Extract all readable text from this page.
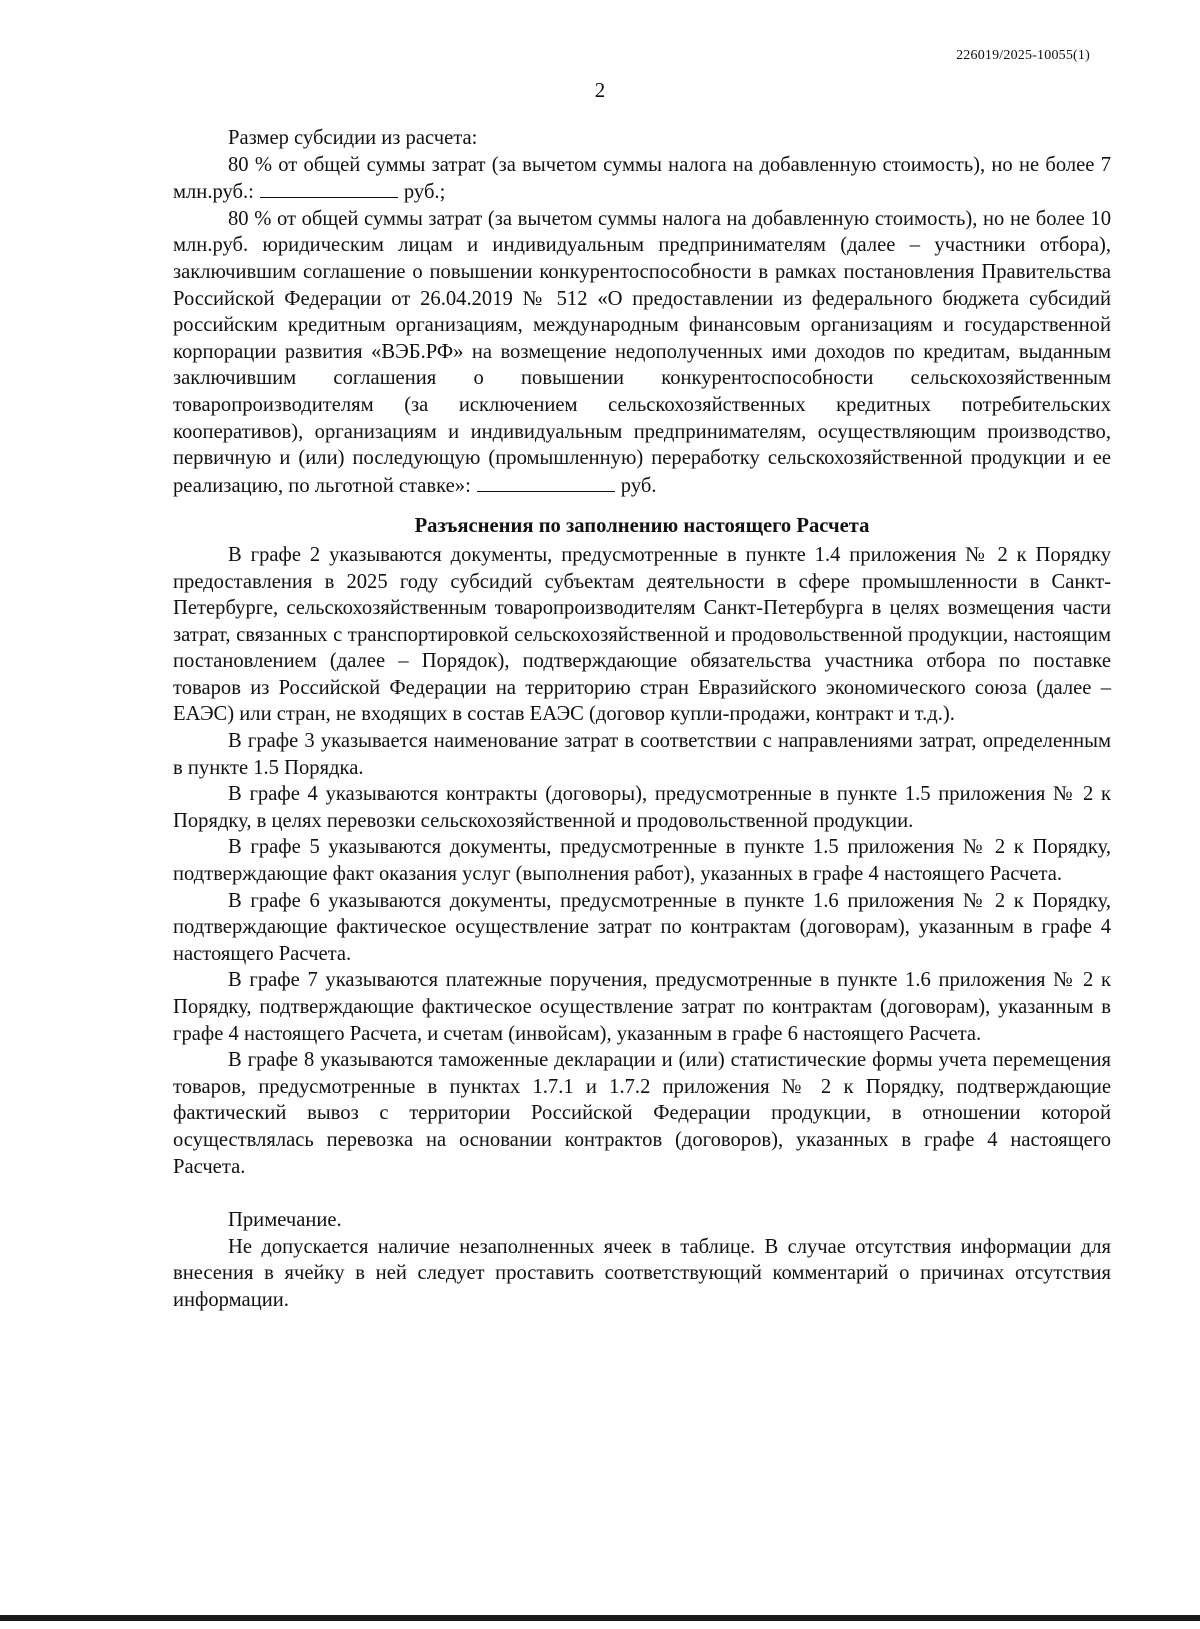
226019/2025-10055(1)
2

Размер субсидии из расчета:

80 % от общей суммы затрат (за вычетом суммы налога на добавленную стоимость), но не более 7 млн.руб.:	руб.;

80 % от общей суммы затрат (за вычетом суммы налога на добавленную стоимость), но не более 10 млн.руб. юридическим лицам и индивидуальным предпринимателям (далее – участники отбора), заключившим соглашение о повышении конкурентоспособности в рамках постановления Правительства Российской Федерации от 26.04.2019 № 512 «О предоставлении из федерального бюджета субсидий российским кредитным организациям, международным финансовым организациям и государственной корпорации развития «ВЭБ.РФ» на возмещение недополученных ими доходов по кредитам, выданным заключившим соглашения о повышении конкурентоспособности сельскохозяйственным товаропроизводителям (за исключением сельскохозяйственных кредитных потребительских кооперативов), организациям и индивидуальным предпринимателям, осуществляющим производство, первичную и (или) последующую (промышленную) переработку сельскохозяйственной продукции и ее реализацию, по льготной ставке»:	руб.

Разъяснения по заполнению настоящего Расчета

В графе 2 указываются документы, предусмотренные в пункте 1.4 приложения № 2 к Порядку предоставления в 2025 году субсидий субъектам деятельности в сфере промышленности в Санкт-Петербурге, сельскохозяйственным товаропроизводителям Санкт-Петербурга в целях возмещения части затрат, связанных с транспортировкой сельскохозяйственной и продовольственной продукции, настоящим постановлением (далее – Порядок), подтверждающие обязательства участника отбора по поставке товаров из Российской Федерации на территорию стран Евразийского экономического союза (далее – ЕАЭС) или стран, не входящих в состав ЕАЭС (договор купли-продажи, контракт и т.д.).

В графе 3 указывается наименование затрат в соответствии с направлениями затрат, определенным в пункте 1.5 Порядка.

В графе 4 указываются контракты (договоры), предусмотренные в пункте 1.5 приложения № 2 к Порядку, в целях перевозки сельскохозяйственной и продовольственной продукции.

В графе 5 указываются документы, предусмотренные в пункте 1.5 приложения № 2 к Порядку, подтверждающие факт оказания услуг (выполнения работ), указанных в графе 4 настоящего Расчета.

В графе 6 указываются документы, предусмотренные в пункте 1.6 приложения № 2 к Порядку, подтверждающие фактическое осуществление затрат по контрактам (договорам), указанным в графе 4 настоящего Расчета.

В графе 7 указываются платежные поручения, предусмотренные в пункте 1.6 приложения № 2 к Порядку, подтверждающие фактическое осуществление затрат по контрактам (договорам), указанным в графе 4 настоящего Расчета, и счетам (инвойсам), указанным в графе 6 настоящего Расчета.

В графе 8 указываются таможенные декларации и (или) статистические формы учета перемещения товаров, предусмотренные в пунктах 1.7.1 и 1.7.2 приложения № 2 к Порядку, подтверждающие фактический вывоз с территории Российской Федерации продукции, в отношении которой осуществлялась перевозка на основании контрактов (договоров), указанных в графе 4 настоящего Расчета.

Примечание.

Не допускается наличие незаполненных ячеек в таблице. В случае отсутствия информации для внесения в ячейку в ней следует проставить соответствующий комментарий о причинах отсутствия информации.
